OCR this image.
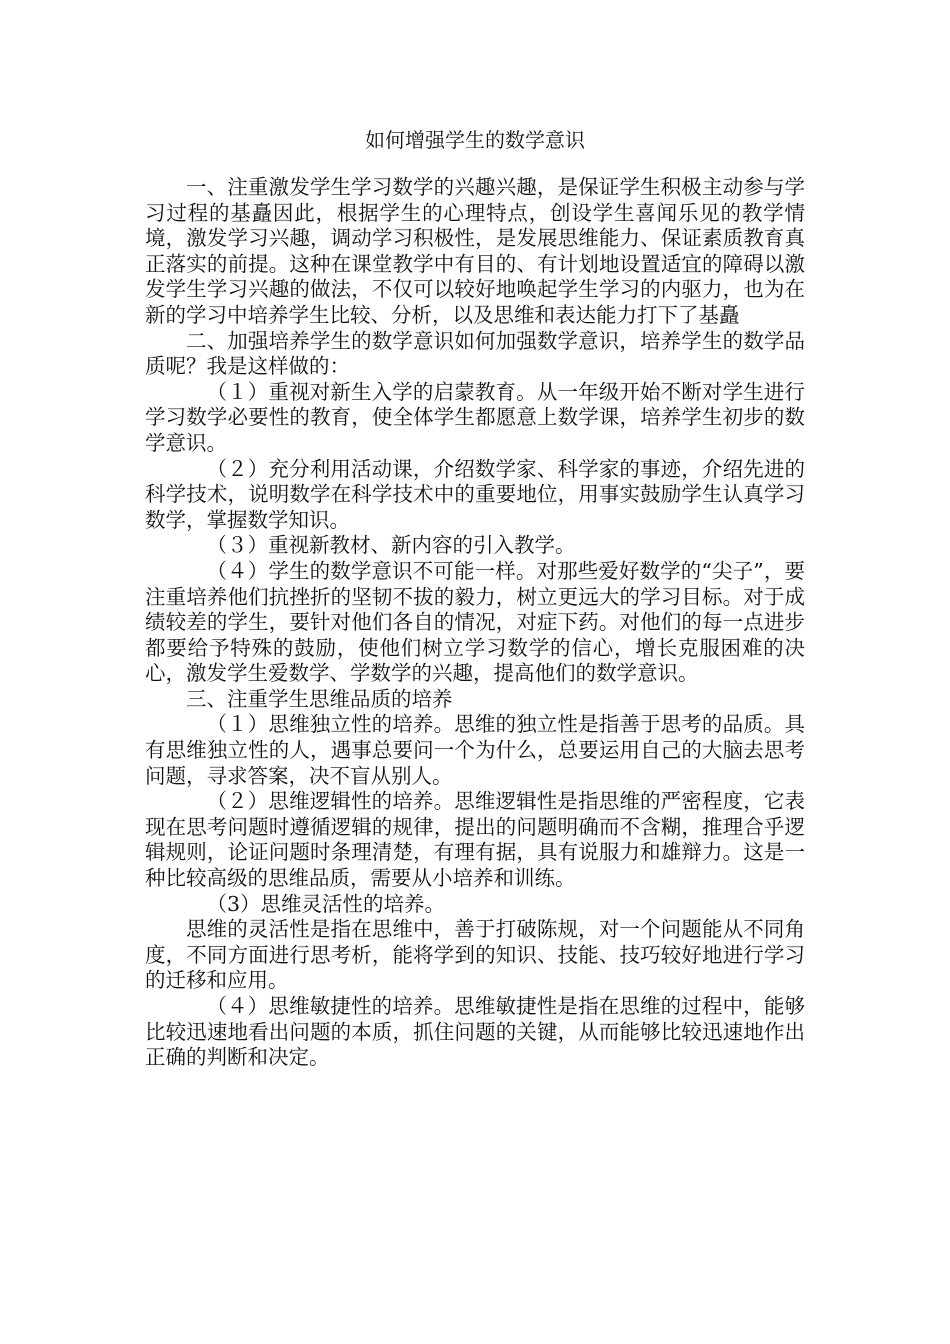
如何增强学生的数学意识

一、注重激发学生学习数学的兴趣兴趣，是保证学生积极主动参与学习过程的基矗因此，根据学生的心理特点，创设学生喜闻乐见的教学情境，激发学习兴趣，调动学习积极性，是发展思维能力、保证素质教育真正落实的前提。这种在课堂教学中有目的、有计划地设置适宜的障碍以激发学生学习兴趣的做法，不仅可以较好地唤起学生学习的内驱力，也为在新的学习中培养学生比较、分析，以及思维和表达能力打下了基矗

二、加强培养学生的数学意识如何加强数学意识，培养学生的数学品质呢？我是这样做的：

（１）重视对新生入学的启蒙教育。从一年级开始不断对学生进行学习数学必要性的教育，使全体学生都愿意上数学课，培养学生初步的数学意识。

（２）充分利用活动课，介绍数学家、科学家的事迹，介绍先进的科学技术，说明数学在科学技术中的重要地位，用事实鼓励学生认真学习数学，掌握数学知识。

（３）重视新教材、新内容的引入教学。

（４）学生的数学意识不可能一样。对那些爱好数学的“尖子”，要注重培养他们抗挫折的坚韧不拔的毅力，树立更远大的学习目标。对于成绩较差的学生，要针对他们各自的情况，对症下药。对他们的每一点进步都要给予特殊的鼓励，使他们树立学习数学的信心，增长克服困难的决心，激发学生爱数学、学数学的兴趣，提高他们的数学意识。

三、注重学生思维品质的培养

（１）思维独立性的培养。思维的独立性是指善于思考的品质。具有思维独立性的人，遇事总要问一个为什么，总要运用自己的大脑去思考问题，寻求答案，决不盲从别人。

（２）思维逻辑性的培养。思维逻辑性是指思维的严密程度，它表现在思考问题时遵循逻辑的规律，提出的问题明确而不含糊，推理合乎逻辑规则，论证问题时条理清楚，有理有据，具有说服力和雄辩力。这是一种比较高级的思维品质，需要从小培养和训练。

（3）思维灵活性的培养。

思维的灵活性是指在思维中，善于打破陈规，对一个问题能从不同角度，不同方面进行思考析，能将学到的知识、技能、技巧较好地进行学习的迁移和应用。

（４）思维敏捷性的培养。思维敏捷性是指在思维的过程中，能够比较迅速地看出问题的本质，抓住问题的关键，从而能够比较迅速地作出正确的判断和决定。
